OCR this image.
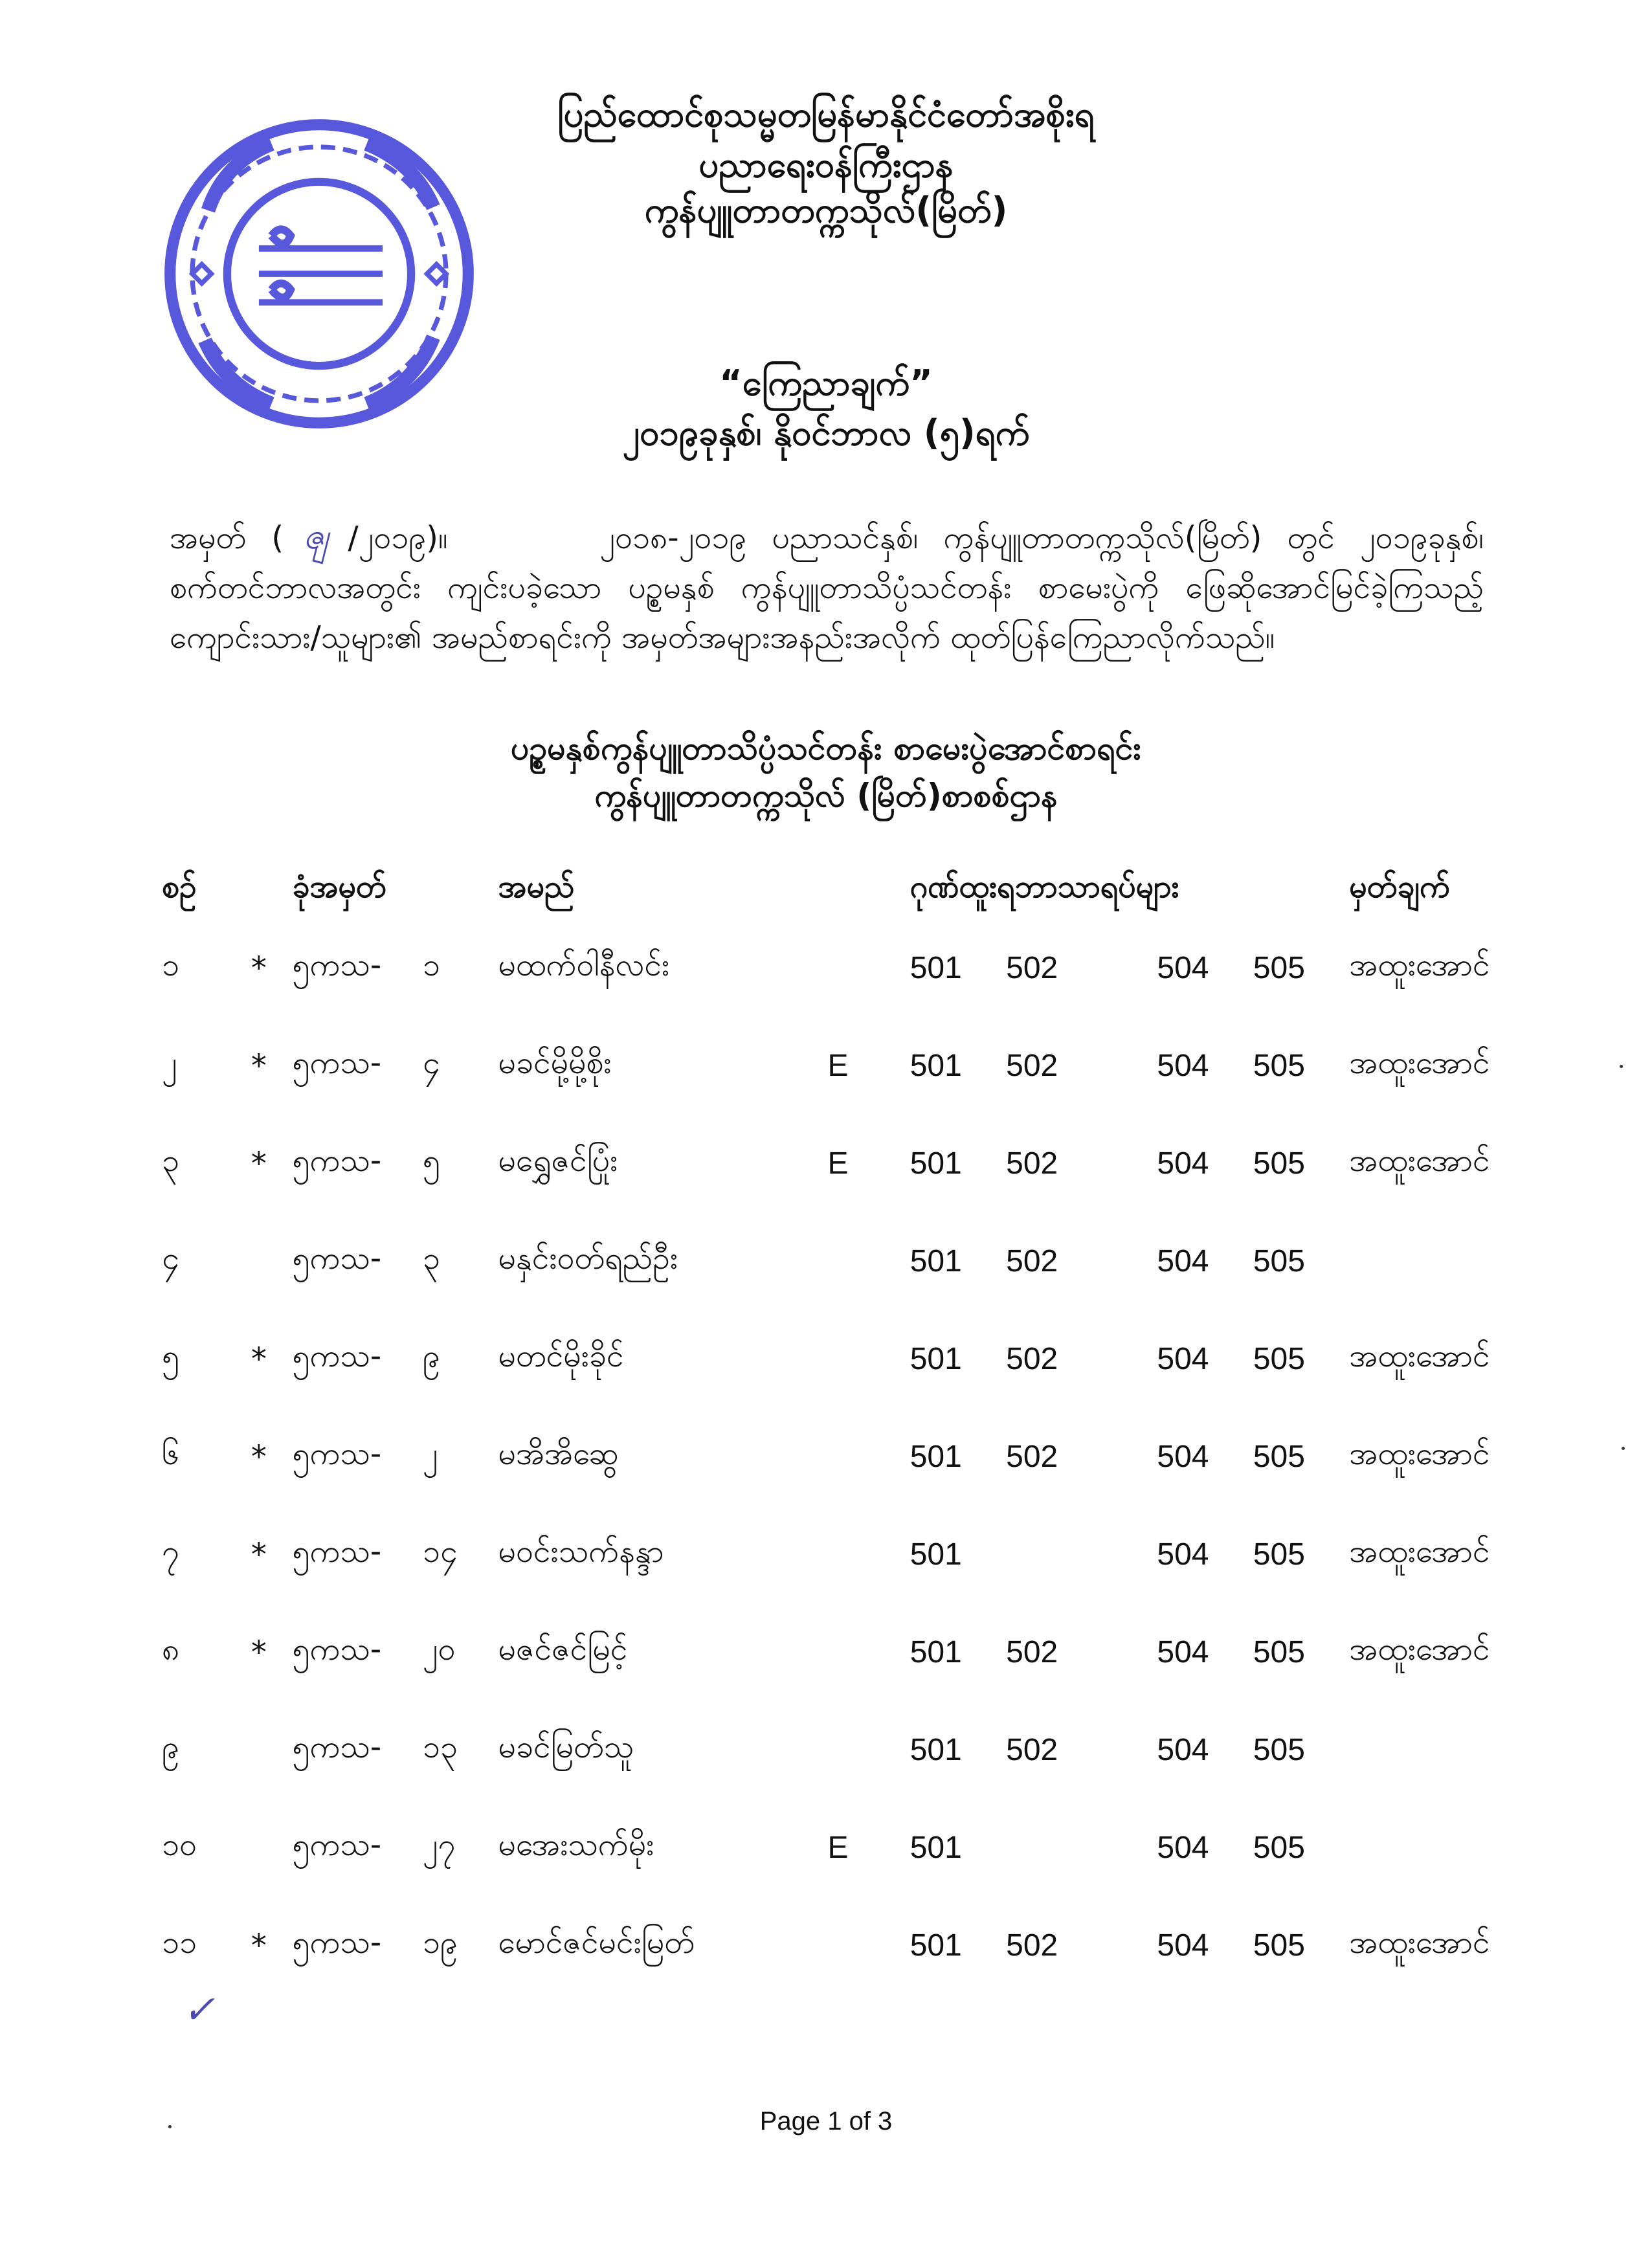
ပြည်ထောင်စုသမ္မတမြန်မာနိုင်ငံတော်အစိုးရ
ပညာရေးဝန်ကြီးဌာန
ကွန်ပျူတာတက္ကသိုလ်(မြိတ်)
“ကြေညာချက်”
၂၀၁၉ခုနှစ်၊ နိုဝင်ဘာလ (၅)ရက်
အမှတ် ( ၛ /၂၀၁၉)။	၂၀၁၈-၂၀၁၉ ပညာသင်နှစ်၊ ကွန်ပျူတာတက္ကသိုလ်(မြိတ်) တွင် ၂၀၁၉ခုနှစ်၊ စက်တင်ဘာလအတွင်း ကျင်းပခဲ့သော ပဉ္စမနှစ် ကွန်ပျူတာသိပ္ပံသင်တန်း စာမေးပွဲကို ဖြေဆိုအောင်မြင်ခဲ့ကြသည့် ကျောင်းသား/သူများ၏ အမည်စာရင်းကို အမှတ်အများအနည်းအလိုက် ထုတ်ပြန်ကြေညာလိုက်သည်။
ပဉ္စမနှစ်ကွန်ပျူတာသိပ္ပံသင်တန်း စာမေးပွဲအောင်စာရင်း
ကွန်ပျူတာတက္ကသိုလ် (မြိတ်)စာစစ်ဌာန
စဉ်		ခုံအမှတ်		အမည်		ဂုဏ်ထူးရဘာသာရပ်များ					မှတ်ချက်
၁	*	၅ကသ-	၁	မထက်ဝါနီလင်း		501	502		504	505	အထူးအောင်
၂	*	၅ကသ-	၄	မခင်မို့မို့စိုး	E	501	502		504	505	အထူးအောင်
၃	*	၅ကသ-	၅	မရွှေဇင်ပြုံး	E	501	502		504	505	အထူးအောင်
၄		၅ကသ-	၃	မနှင်းဝတ်ရည်ဦး		501	502		504	505	
၅	*	၅ကသ-	၉	မတင်မိုးခိုင်		501	502		504	505	အထူးအောင်
၆	*	၅ကသ-	၂	မအိအိဆွေ		501	502		504	505	အထူးအောင်
၇	*	၅ကသ-	၁၄	မဝင်းသက်နန္ဒာ		501			504	505	အထူးအောင်
၈	*	၅ကသ-	၂၀	မဇင်ဇင်မြင့်		501	502		504	505	အထူးအောင်
၉		၅ကသ-	၁၃	မခင်မြတ်သူ		501	502		504	505	
၁၀		၅ကသ-	၂၇	မအေးသက်မိုး	E	501			504	505	
၁၁	*	၅ကသ-	၁၉	မောင်ဇင်မင်းမြတ်		501	502		504	505	အထူးအောင်
✓
Page 1 of 3
